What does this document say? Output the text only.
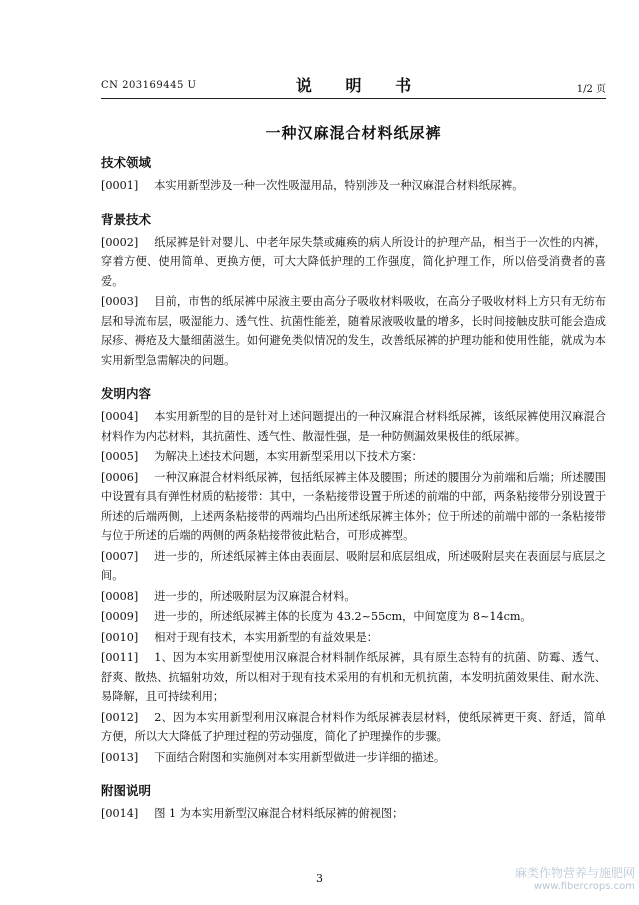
CN 203169445 U	说 明 书	1/2 页
一种汉麻混合材料纸尿裤
技术领域

[0001] 本实用新型涉及一种一次性吸湿用品，特别涉及一种汉麻混合材料纸尿裤。

背景技术

[0002] 纸尿裤是针对婴儿、中老年尿失禁或瘫痪的病人所设计的护理产品，相当于一次性的内裤，穿着方便、使用简单、更换方便，可大大降低护理的工作强度，简化护理工作，所以倍受消费者的喜爱。

[0003] 目前，市售的纸尿裤中尿液主要由高分子吸收材料吸收，在高分子吸收材料上方只有无纺布层和导流布层，吸湿能力、透气性、抗菌性能差，随着尿液吸收量的增多，长时间接触皮肤可能会造成尿疹、褥疮及大量细菌滋生。如何避免类似情况的发生，改善纸尿裤的护理功能和使用性能，就成为本实用新型急需解决的问题。

发明内容

[0004] 本实用新型的目的是针对上述问题提出的一种汉麻混合材料纸尿裤，该纸尿裤使用汉麻混合材料作为内芯材料，其抗菌性、透气性、散湿性强，是一种防侧漏效果极佳的纸尿裤。

[0005] 为解决上述技术问题，本实用新型采用以下技术方案：

[0006] 一种汉麻混合材料纸尿裤，包括纸尿裤主体及腰围；所述的腰围分为前端和后端；所述腰围中设置有具有弹性材质的粘接带：其中，一条粘接带设置于所述的前端的中部，两条粘接带分别设置于所述的后端两侧，上述两条粘接带的两端均凸出所述纸尿裤主体外；位于所述的前端中部的一条粘接带与位于所述的后端的两侧的两条粘接带彼此粘合，可形成裤型。

[0007] 进一步的，所述纸尿裤主体由表面层、吸附层和底层组成，所述吸附层夹在表面层与底层之间。

[0008] 进一步的，所述吸附层为汉麻混合材料。

[0009] 进一步的，所述纸尿裤主体的长度为 43.2~55cm，中间宽度为 8~14cm。

[0010] 相对于现有技术，本实用新型的有益效果是：

[0011] 1、因为本实用新型使用汉麻混合材料制作纸尿裤，具有原生态特有的抗菌、防霉、透气、舒爽、散热、抗辐射功效，所以相对于现有技术采用的有机和无机抗菌，本发明抗菌效果佳、耐水洗、易降解，且可持续利用；

[0012] 2、因为本实用新型利用汉麻混合材料作为纸尿裤表层材料，使纸尿裤更干爽、舒适，简单方便，所以大大降低了护理过程的劳动强度，简化了护理操作的步骤。

[0013] 下面结合附图和实施例对本实用新型做进一步详细的描述。

附图说明

[0014] 图 1 为本实用新型汉麻混合材料纸尿裤的俯视图；

3	麻类作物营养与施肥网
www.fibercrops.com
